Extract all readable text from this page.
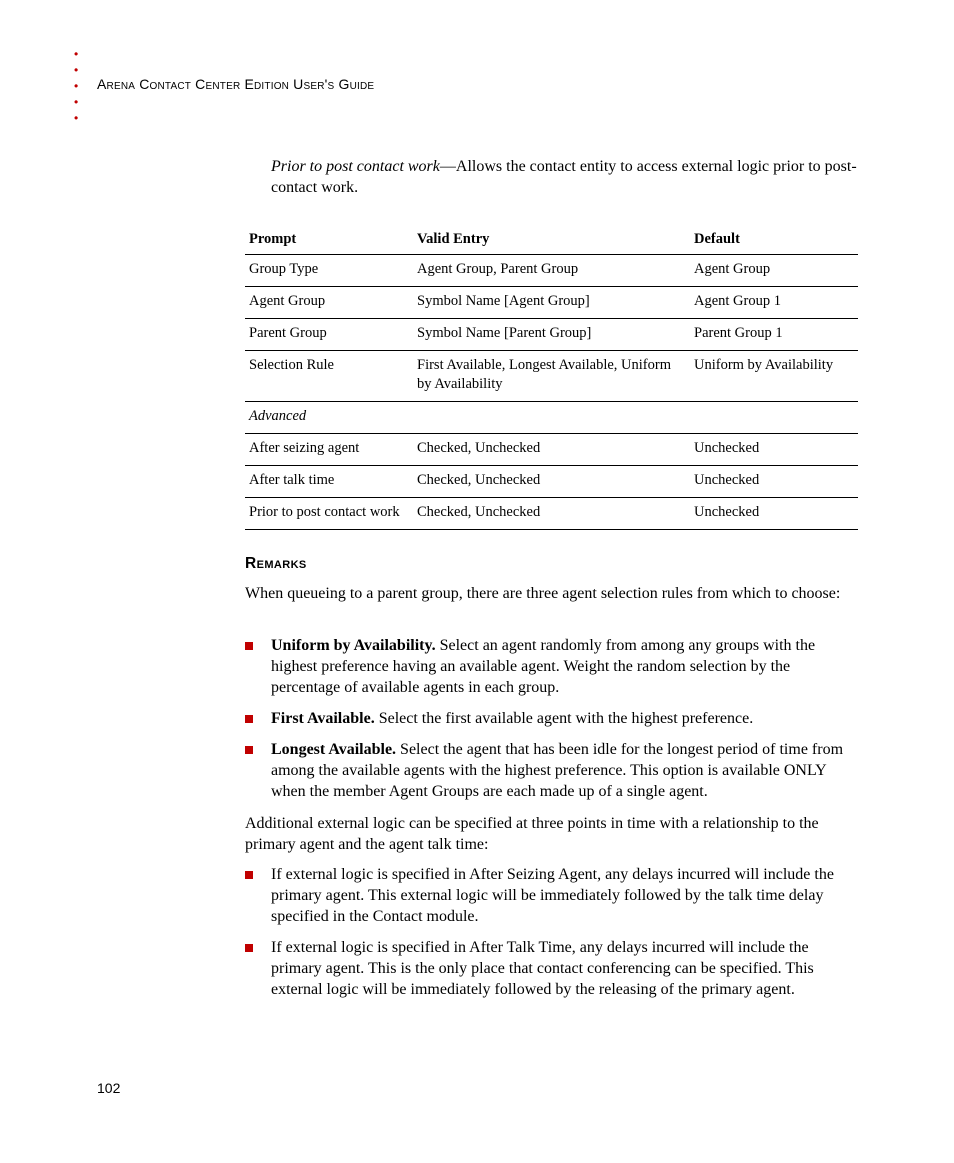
•
•
•
•
•
Arena Contact Center Edition User's Guide
Prior to post contact work—Allows the contact entity to access external logic prior to post-contact work.
Prompt	Valid Entry	Default
Group Type	Agent Group, Parent Group	Agent Group
Agent Group	Symbol Name [Agent Group]	Agent Group 1
Parent Group	Symbol Name [Parent Group]	Parent Group 1
Selection Rule	First Available, Longest Available, Uniform by Availability	Uniform by Availability
Advanced		
After seizing agent	Checked, Unchecked	Unchecked
After talk time	Checked, Unchecked	Unchecked
Prior to post contact work	Checked, Unchecked	Unchecked
Remarks
When queueing to a parent group, there are three agent selection rules from which to choose:
Uniform by Availability. Select an agent randomly from among any groups with the highest preference having an available agent. Weight the random selection by the percentage of available agents in each group.
First Available. Select the first available agent with the highest preference.
Longest Available. Select the agent that has been idle for the longest period of time from among the available agents with the highest preference. This option is available ONLY when the member Agent Groups are each made up of a single agent.
Additional external logic can be specified at three points in time with a relationship to the primary agent and the agent talk time:
If external logic is specified in After Seizing Agent, any delays incurred will include the primary agent. This external logic will be immediately followed by the talk time delay specified in the Contact module.
If external logic is specified in After Talk Time, any delays incurred will include the primary agent. This is the only place that contact conferencing can be specified. This external logic will be immediately followed by the releasing of the primary agent.
102
